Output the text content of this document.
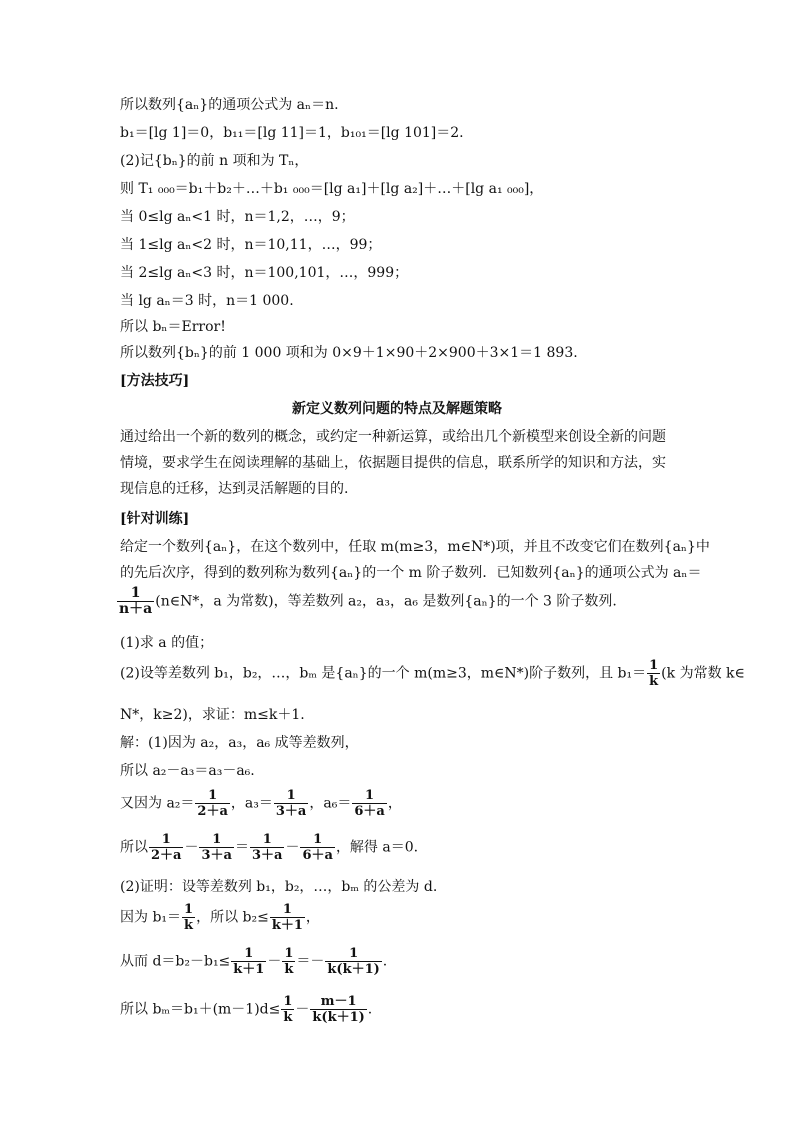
所以数列{aₙ}的通项公式为 aₙ＝n.
b₁＝[lg 1]＝0，b₁₁＝[lg 11]＝1，b₁₀₁＝[lg 101]＝2.
(2)记{bₙ}的前 n 项和为 Tₙ，
则 T₁ ₀₀₀＝b₁＋b₂＋…＋b₁ ₀₀₀＝[lg a₁]＋[lg a₂]＋…＋[lg a₁ ₀₀₀]，
当 0≤lg aₙ<1 时，n＝1,2，…，9；
当 1≤lg aₙ<2 时，n＝10,11，…，99；
当 2≤lg aₙ<3 时，n＝100,101，…，999；
当 lg aₙ＝3 时，n＝1 000.
所以 bₙ＝Error!
所以数列{bₙ}的前 1 000 项和为 0×9＋1×90＋2×900＋3×1＝1 893.
[方法技巧]
新定义数列问题的特点及解题策略
通过给出一个新的数列的概念，或约定一种新运算，或给出几个新模型来创设全新的问题
情境，要求学生在阅读理解的基础上，依据题目提供的信息，联系所学的知识和方法，实
现信息的迁移，达到灵活解题的目的.
[针对训练]
给定一个数列{aₙ}，在这个数列中，任取 m(m≥3，m∈N*)项，并且不改变它们在数列{aₙ}中
的先后次序，得到的数列称为数列{aₙ}的一个 m 阶子数列．已知数列{aₙ}的通项公式为 aₙ＝
$\frac{1}{n+a}$ (n∈N*，a 为常数)，等差数列 a₂，a₃，a₆ 是数列{aₙ}的一个 3 阶子数列.
(1)求 a 的值；
(2)设等差数列 b₁，b₂，…，bₘ 是{aₙ}的一个 m(m≥3，m∈N*)阶子数列，且 $b_1= \frac{1}{k} (k$ 为常数 k∈
N*，k≥2)，求证：m≤k＋1.
解：(1)因为 a₂，a₃，a₆ 成等差数列，
所以 a₂－a₃＝a₃－a₆.
又因为 $a_2= \frac{1}{2+a}$ ，$a_3= \frac{1}{3+a}$ ，$a_6= \frac{1}{6+a}$ ，
所以 $\frac{1}{2+a} - \frac{1}{3+a} = \frac{1}{3+a} - \frac{1}{6+a}$ ，解得 a＝0.
(2)证明：设等差数列 b₁，b₂，…，bₘ 的公差为 d.
因为 $b_1= \frac{1}{k}$ ，所以 $b_2\le \frac{1}{k+1}$ ，
从而 $d=b_2-b_1\le \frac{1}{k+1} - \frac{1}{k} =- \frac{1}{k(k+1)}$ .
所以 $b_m=b_1+(m-1)d\le \frac{1}{k} - \frac{m-1}{k(k+1)}$ .
